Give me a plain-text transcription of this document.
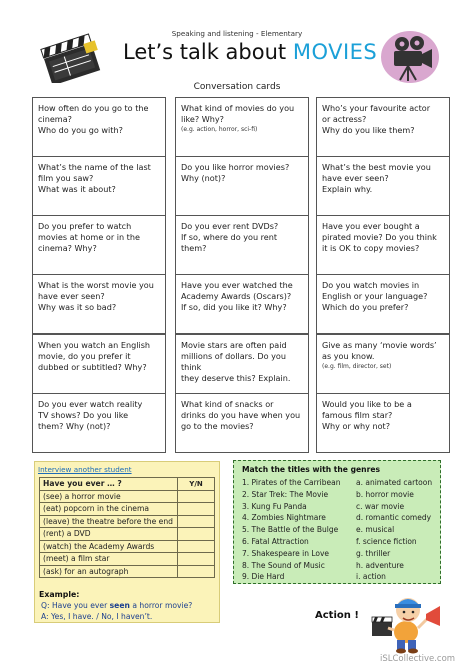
Speaking and listening - Elementary
Let’s talk about MOVIES
Conversation cards
How often do you go to the
cinema?
Who do you go with?
What kind of movies do you
like? Why?
(e.g. action, horror, sci-fi)
Who’s your favourite actor
or actress?
Why do you like them?
What’s the name of the last
film you saw?
What was it about?
Do you like horror movies?
Why (not)?
What’s the best movie you
have ever seen?
Explain why.
Do you prefer to watch
movies at home or in the
cinema? Why?
Do you ever rent DVDs?
If so, where do you rent
them?
Have you ever bought a
pirated movie? Do you think
it is OK to copy movies?
What is the worst movie you
have ever seen?
Why was it so bad?
Have you ever watched the
Academy Awards (Oscars)?
If so, did you like it? Why?
Do you watch movies in
English or your language?
Which do you prefer?
When you watch an English
movie, do you prefer it
dubbed or subtitled? Why?
Movie stars are often paid
millions of dollars. Do you think
they deserve this? Explain.
Give as many ‘movie words’
as you know.
(e.g. film, director, set)
Do you ever watch reality
TV shows? Do you like
them? Why (not)?
What kind of snacks or
drinks do you have when you
go to the movies?
Would you like to be a
famous film star?
Why or why not?
Interview another student
Have you ever … ?	Y/N
(see) a horror movie	
(eat) popcorn in the cinema	
(leave) the theatre before the end	
(rent) a DVD	
(watch) the Academy Awards	
(meet) a film star	
(ask) for an autograph	
Example:
Q: Have you ever seen a horror movie?
A: Yes, I have. / No, I haven’t.
Match the titles with the genres
1. Pirates of the Carribean
2. Star Trek: The Movie
3. Kung Fu Panda
4. Zombies Nightmare
5. The Battle of the Bulge
6. Fatal Attraction
7. Shakespeare in Love
8. The Sound of Music
9. Die Hard
a. animated cartoon
b. horror movie
c. war movie
d. romantic comedy
e. musical
f. science fiction
g. thriller
h. adventure
i. action
Action !
iSLCollective.com
